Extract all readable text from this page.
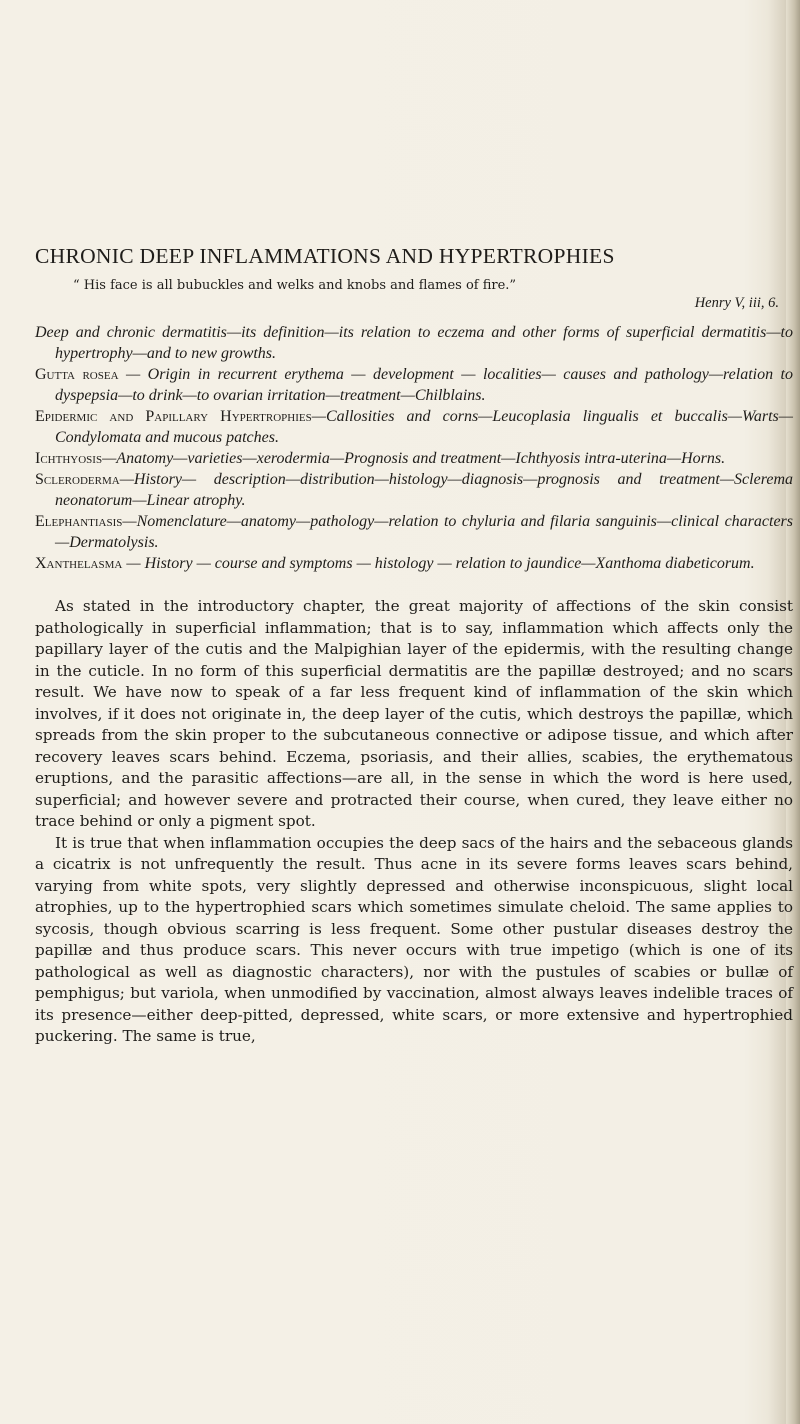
CHRONIC DEEP INFLAMMATIONS AND HYPERTROPHIES
“ His face is all bubuckles and welks and knobs and flames of fire.”
Henry V, iii, 6.

Deep and chronic dermatitis—its definition—its relation to eczema and other forms of superficial dermatitis—to hypertrophy—and to new growths.

Gutta rosea — Origin in recurrent erythema — development — localities— causes and pathology—relation to dyspepsia—to drink—to ovarian irritation—treatment—Chilblains.

Epidermic and Papillary Hypertrophies—Callosities and corns—Leucoplasia lingualis et buccalis—Warts—Condylomata and mucous patches.

Ichthyosis—Anatomy—varieties—xerodermia—Prognosis and treatment—Ichthyosis intra-uterina—Horns.

Scleroderma—History— description—distribution—histology—diagnosis—prognosis and treatment—Sclerema neonatorum—Linear atrophy.

Elephantiasis—Nomenclature—anatomy—pathology—relation to chyluria and filaria sanguinis—clinical characters—Dermatolysis.

Xanthelasma — History — course and symptoms — histology — relation to jaundice—Xanthoma diabeticorum.

As stated in the introductory chapter, the great majority of affections of the skin consist pathologically in superficial inflammation; that is to say, inflammation which affects only the papillary layer of the cutis and the Malpighian layer of the epidermis, with the resulting change in the cuticle. In no form of this superficial dermatitis are the papillæ destroyed; and no scars result. We have now to speak of a far less frequent kind of inflammation of the skin which involves, if it does not originate in, the deep layer of the cutis, which destroys the papillæ, which spreads from the skin proper to the subcutaneous connective or adipose tissue, and which after recovery leaves scars behind. Eczema, psoriasis, and their allies, scabies, the erythematous eruptions, and the parasitic affections—are all, in the sense in which the word is here used, superficial; and however severe and protracted their course, when cured, they leave either no trace behind or only a pigment spot.

It is true that when inflammation occupies the deep sacs of the hairs and the sebaceous glands a cicatrix is not unfrequently the result. Thus acne in its severe forms leaves scars behind, varying from white spots, very slightly depressed and otherwise inconspicuous, slight local atrophies, up to the hypertrophied scars which sometimes simulate cheloid. The same applies to sycosis, though obvious scarring is less frequent. Some other pustular diseases destroy the papillæ and thus produce scars. This never occurs with true impetigo (which is one of its pathological as well as diagnostic characters), nor with the pustules of scabies or bullæ of pemphigus; but variola, when unmodified by vaccination, almost always leaves indelible traces of its presence—either deep-pitted, depressed, white scars, or more extensive and hypertrophied puckering. The same is true,
